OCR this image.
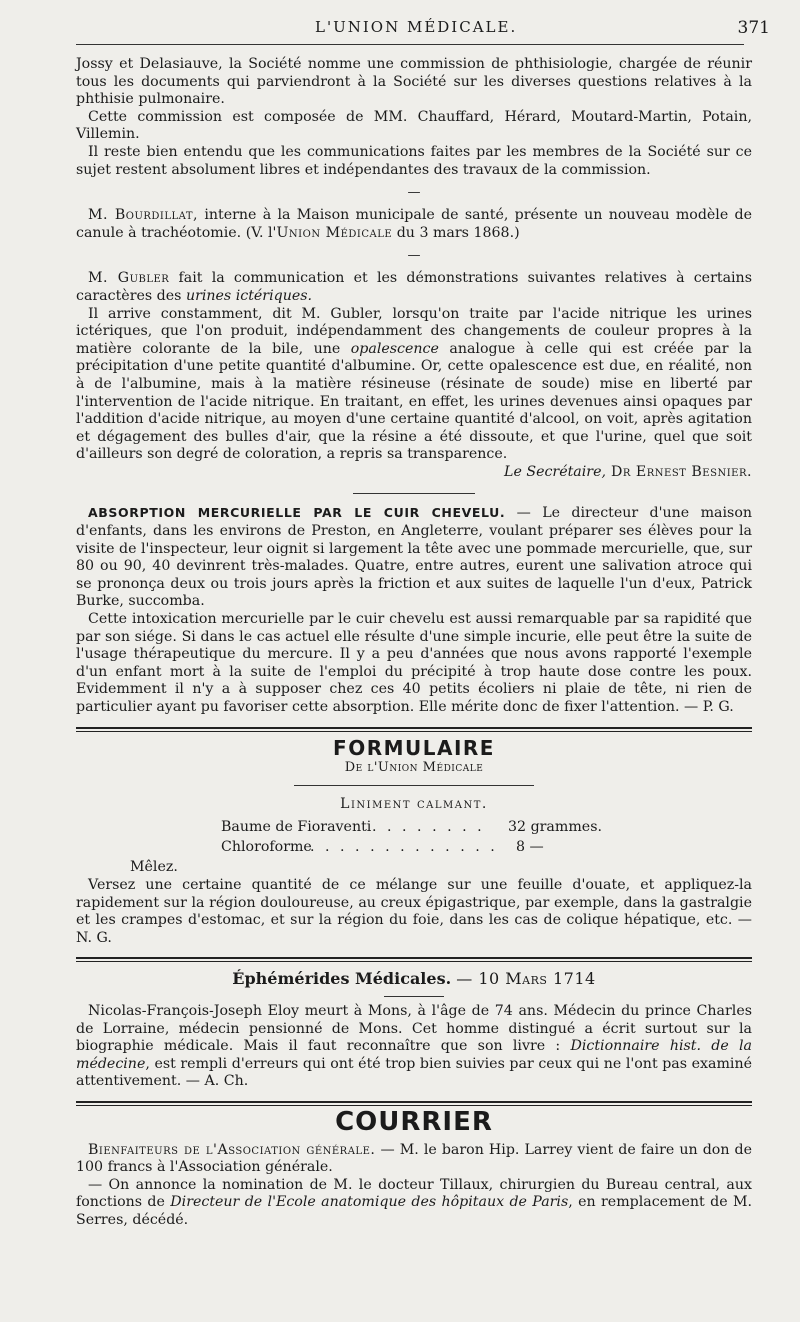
L'UNION MÉDICALE.	371

Jossy et Delasiauve, la Société nomme une commission de phthisiologie, chargée de réunir tous les documents qui parviendront à la Société sur les diverses questions relatives à la phthisie pulmonaire.

Cette commission est composée de MM. Chauffard, Hérard, Moutard-Martin, Potain, Villemin.

Il reste bien entendu que les communications faites par les membres de la Société sur ce sujet restent absolument libres et indépendantes des travaux de la commission.

—

M. Bourdillat, interne à la Maison municipale de santé, présente un nouveau modèle de canule à trachéotomie. (V. l'Union Médicale du 3 mars 1868.)

—

M. Gubler fait la communication et les démonstrations suivantes relatives à certains caractères des urines ictériques.

Il arrive constamment, dit M. Gubler, lorsqu'on traite par l'acide nitrique les urines ictériques, que l'on produit, indépendamment des changements de couleur propres à la matière colorante de la bile, une opalescence analogue à celle qui est créée par la précipitation d'une petite quantité d'albumine. Or, cette opalescence est due, en réalité, non à de l'albumine, mais à la matière résineuse (résinate de soude) mise en liberté par l'intervention de l'acide nitrique. En traitant, en effet, les urines devenues ainsi opaques par l'addition d'acide nitrique, au moyen d'une certaine quantité d'alcool, on voit, après agitation et dégagement des bulles d'air, que la résine a été dissoute, et que l'urine, quel que soit d'ailleurs son degré de coloration, a repris sa transparence.

Le Secrétaire, Dr Ernest Besnier.

ABSORPTION MERCURIELLE PAR LE CUIR CHEVELU. — Le directeur d'une maison d'enfants, dans les environs de Preston, en Angleterre, voulant préparer ses élèves pour la visite de l'inspecteur, leur oignit si largement la tête avec une pommade mercurielle, que, sur 80 ou 90, 40 devinrent très-malades. Quatre, entre autres, eurent une salivation atroce qui se prononça deux ou trois jours après la friction et aux suites de laquelle l'un d'eux, Patrick Burke, succomba.

Cette intoxication mercurielle par le cuir chevelu est aussi remarquable par sa rapidité que par son siége. Si dans le cas actuel elle résulte d'une simple incurie, elle peut être la suite de l'usage thérapeutique du mercure. Il y a peu d'années que nous avons rapporté l'exemple d'un enfant mort à la suite de l'emploi du précipité à trop haute dose contre les poux. Evidemment il n'y a à supposer chez ces 40 petits écoliers ni plaie de tête, ni rien de particulier ayant pu favoriser cette absorption. Elle mérite donc de fixer l'attention. — P. G.

FORMULAIRE
De l'Union Médicale
Liniment calmant.
Baume de Fioraventi . . . . . . . . 32 grammes.
Chloroforme
. . . . . . . . . . . . . 8 —

Mêlez.

Versez une certaine quantité de ce mélange sur une feuille d'ouate, et appliquez-la rapidement sur la région douloureuse, au creux épigastrique, par exemple, dans la gastralgie et les crampes d'estomac, et sur la région du foie, dans les cas de colique hépatique, etc. — N. G.

Éphémérides Médicales. — 10 Mars 1714

Nicolas-François-Joseph Eloy meurt à Mons, à l'âge de 74 ans. Médecin du prince Charles de Lorraine, médecin pensionné de Mons. Cet homme distingué a écrit surtout sur la biographie médicale. Mais il faut reconnaître que son livre : Dictionnaire hist. de la médecine, est rempli d'erreurs qui ont été trop bien suivies par ceux qui ne l'ont pas examiné attentivement. — A. Ch.

COURRIER

Bienfaiteurs de l'Association générale. — M. le baron Hip. Larrey vient de faire un don de 100 francs à l'Association générale.

— On annonce la nomination de M. le docteur Tillaux, chirurgien du Bureau central, aux fonctions de Directeur de l'Ecole anatomique des hôpitaux de Paris, en remplacement de M. Serres, décédé.
